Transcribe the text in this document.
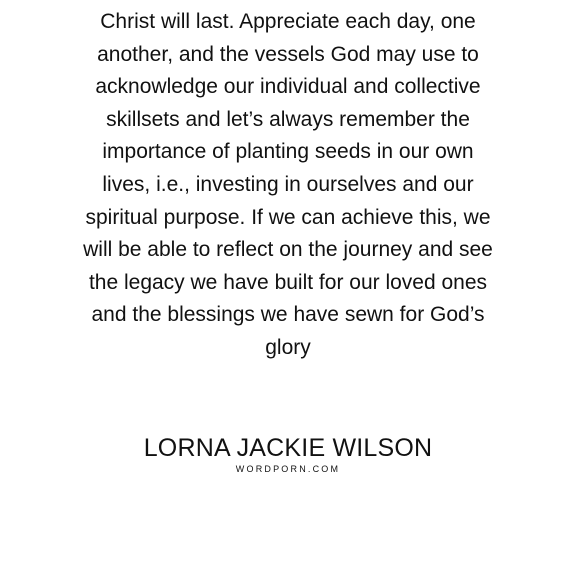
Christ will last. Appreciate each day, one
another, and the vessels God may use to
acknowledge our individual and collective
skillsets and let’s always remember the
importance of planting seeds in our own
lives, i.e., investing in ourselves and our
spiritual purpose. If we can achieve this, we
will be able to reflect on the journey and see
the legacy we have built for our loved ones
and the blessings we have sewn for God’s
glory
LORNA JACKIE WILSON
WORDPORN.COM
